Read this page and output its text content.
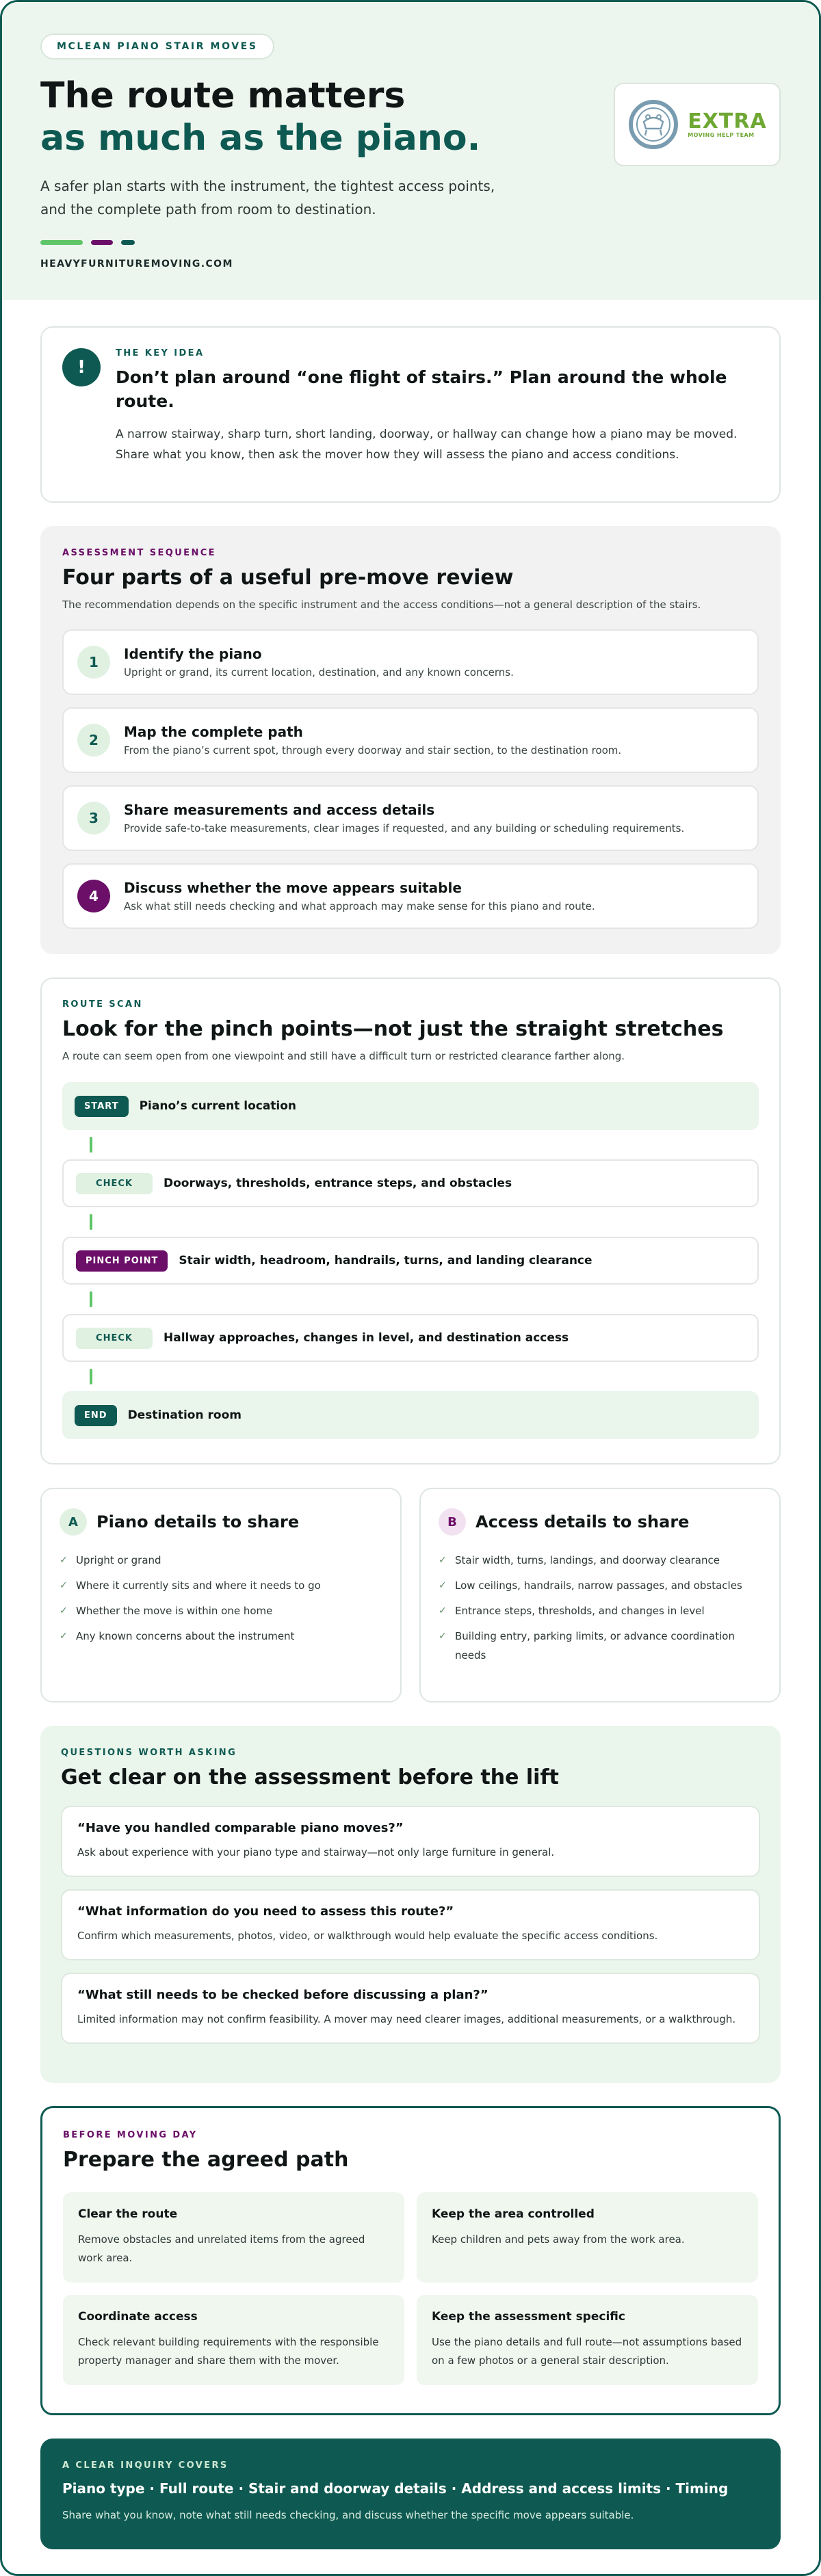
MCLEAN PIANO STAIR MOVES
The route matters
as much as the piano.

A safer plan starts with the instrument, the tightest access points, and the complete path from room to destination.

HEAVYFURNITUREMOVING.COM
EXTRA
MOVING HELP TEAM
!
THE KEY IDEA
Don’t plan around “one flight of stairs.” Plan around the whole route.

A narrow stairway, sharp turn, short landing, doorway, or hallway can change how a piano may be moved. Share what you know, then ask the mover how they will assess the piano and access conditions.

ASSESSMENT SEQUENCE
Four parts of a useful pre-move review

The recommendation depends on the specific instrument and the access conditions—not a general description of the stairs.

1	Identify the piano
Upright or grand, its current location, destination, and any known concerns.
2	Map the complete path
From the piano’s current spot, through every doorway and stair section, to the destination room.
3	Share measurements and access details
Provide safe-to-take measurements, clear images if requested, and any building or scheduling requirements.
4	Discuss whether the move appears suitable
Ask what still needs checking and what approach may make sense for this piano and route.
ROUTE SCAN
Look for the pinch points—not just the straight stretches

A route can seem open from one viewpoint and still have a difficult turn or restricted clearance farther along.

START	Piano’s current location
CHECK	Doorways, thresholds, entrance steps, and obstacles
PINCH POINT	Stair width, headroom, handrails, turns, and landing clearance
CHECK	Hallway approaches, changes in level, and destination access
END	Destination room
A	Piano details to share
✓ Upright or grand
✓ Where it currently sits and where it needs to go
✓ Whether the move is within one home
✓ Any known concerns about the instrument
B	Access details to share
✓ Stair width, turns, landings, and doorway clearance
✓ Low ceilings, handrails, narrow passages, and obstacles
✓ Entrance steps, thresholds, and changes in level
✓ Building entry, parking limits, or advance coordination needs
QUESTIONS WORTH ASKING
Get clear on the assessment before the lift
“Have you handled comparable piano moves?”
Ask about experience with your piano type and stairway—not only large furniture in general.
“What information do you need to assess this route?”
Confirm which measurements, photos, video, or walkthrough would help evaluate the specific access conditions.
“What still needs to be checked before discussing a plan?”
Limited information may not confirm feasibility. A mover may need clearer images, additional measurements, or a walkthrough.
BEFORE MOVING DAY
Prepare the agreed path
Clear the route
Remove obstacles and unrelated items from the agreed work area.
Keep the area controlled
Keep children and pets away from the work area.
Coordinate access
Check relevant building requirements with the responsible property manager and share them with the mover.
Keep the assessment specific
Use the piano details and full route—not assumptions based on a few photos or a general stair description.
A CLEAR INQUIRY COVERS
Piano type · Full route · Stair and doorway details · Address and access limits · Timing
Share what you know, note what still needs checking, and discuss whether the specific move appears suitable.
